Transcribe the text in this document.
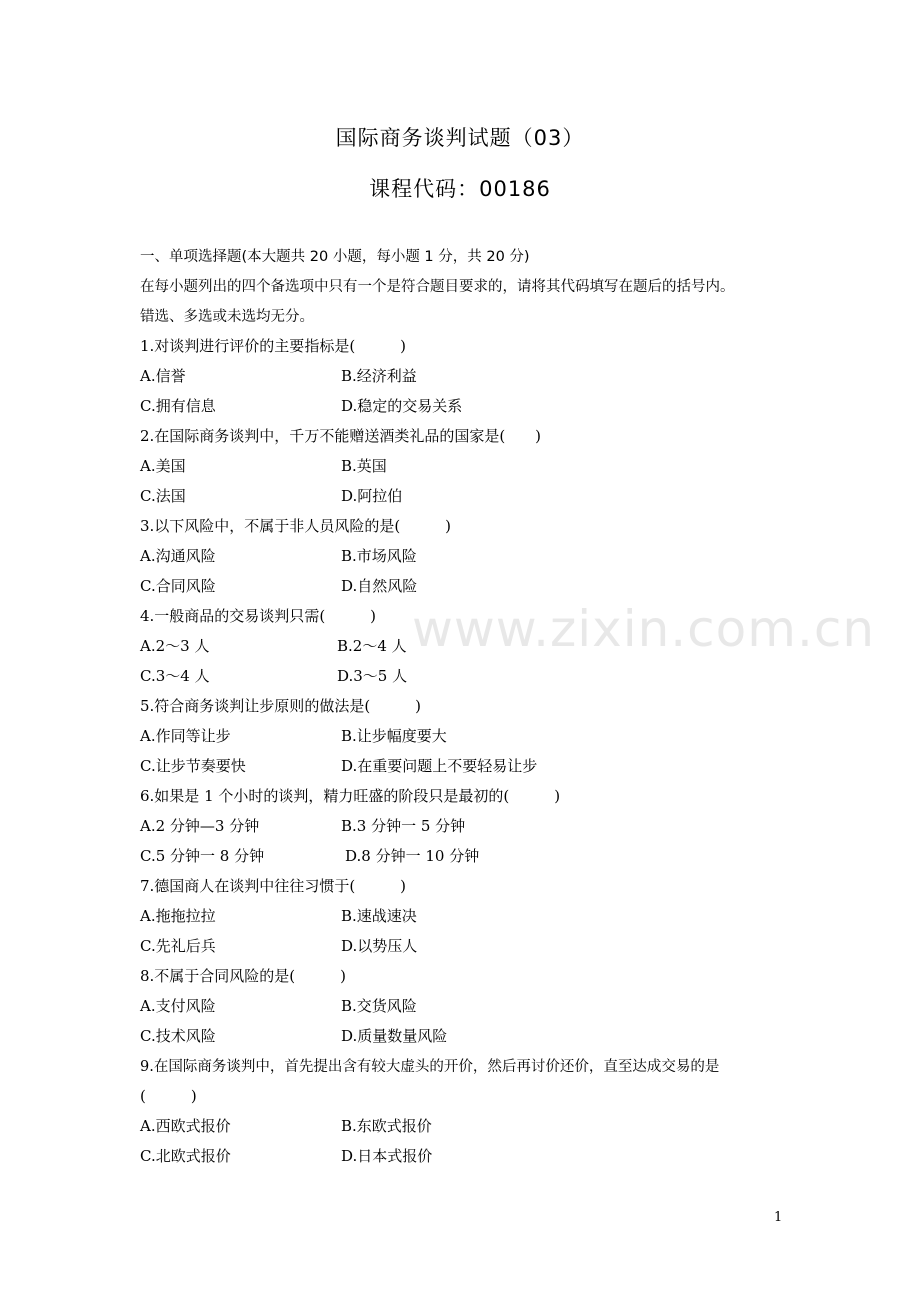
国际商务谈判试题（03）
课程代码：00186
一、单项选择题(本大题共 20 小题，每小题 1 分，共 20 分)
在每小题列出的四个备选项中只有一个是符合题目要求的，请将其代码填写在题后的括号内。
错选、多选或未选均无分。
1.对谈判进行评价的主要指标是(　　　)
A.信誉	B.经济利益
C.拥有信息	D.稳定的交易关系
2.在国际商务谈判中，千万不能赠送酒类礼品的国家是(　　)
A.美国	B.英国
C.法国	D.阿拉伯
3.以下风险中，不属于非人员风险的是(　　　)
A.沟通风险	B.市场风险
C.合同风险	D.自然风险
4.一般商品的交易谈判只需(　　　)
A.2～3 人	B.2～4 人
C.3～4 人	D.3～5 人
5.符合商务谈判让步原则的做法是(　　　)
A.作同等让步	B.让步幅度要大
C.让步节奏要快	D.在重要问题上不要轻易让步
6.如果是 1 个小时的谈判，精力旺盛的阶段只是最初的(　　　)
A.2 分钟—3 分钟	B.3 分钟一 5 分钟
C.5 分钟一 8 分钟	D.8 分钟一 10 分钟
7.德国商人在谈判中往往习惯于(　　　)
A.拖拖拉拉	B.速战速决
C.先礼后兵	D.以势压人
8.不属于合同风险的是(　　　)
A.支付风险	B.交货风险
C.技术风险	D.质量数量风险
9.在国际商务谈判中，首先提出含有较大虚头的开价，然后再讨价还价，直至达成交易的是
(　　　)
A.西欧式报价	B.东欧式报价
C.北欧式报价	D.日本式报价
www.zixin.com.cn
1
